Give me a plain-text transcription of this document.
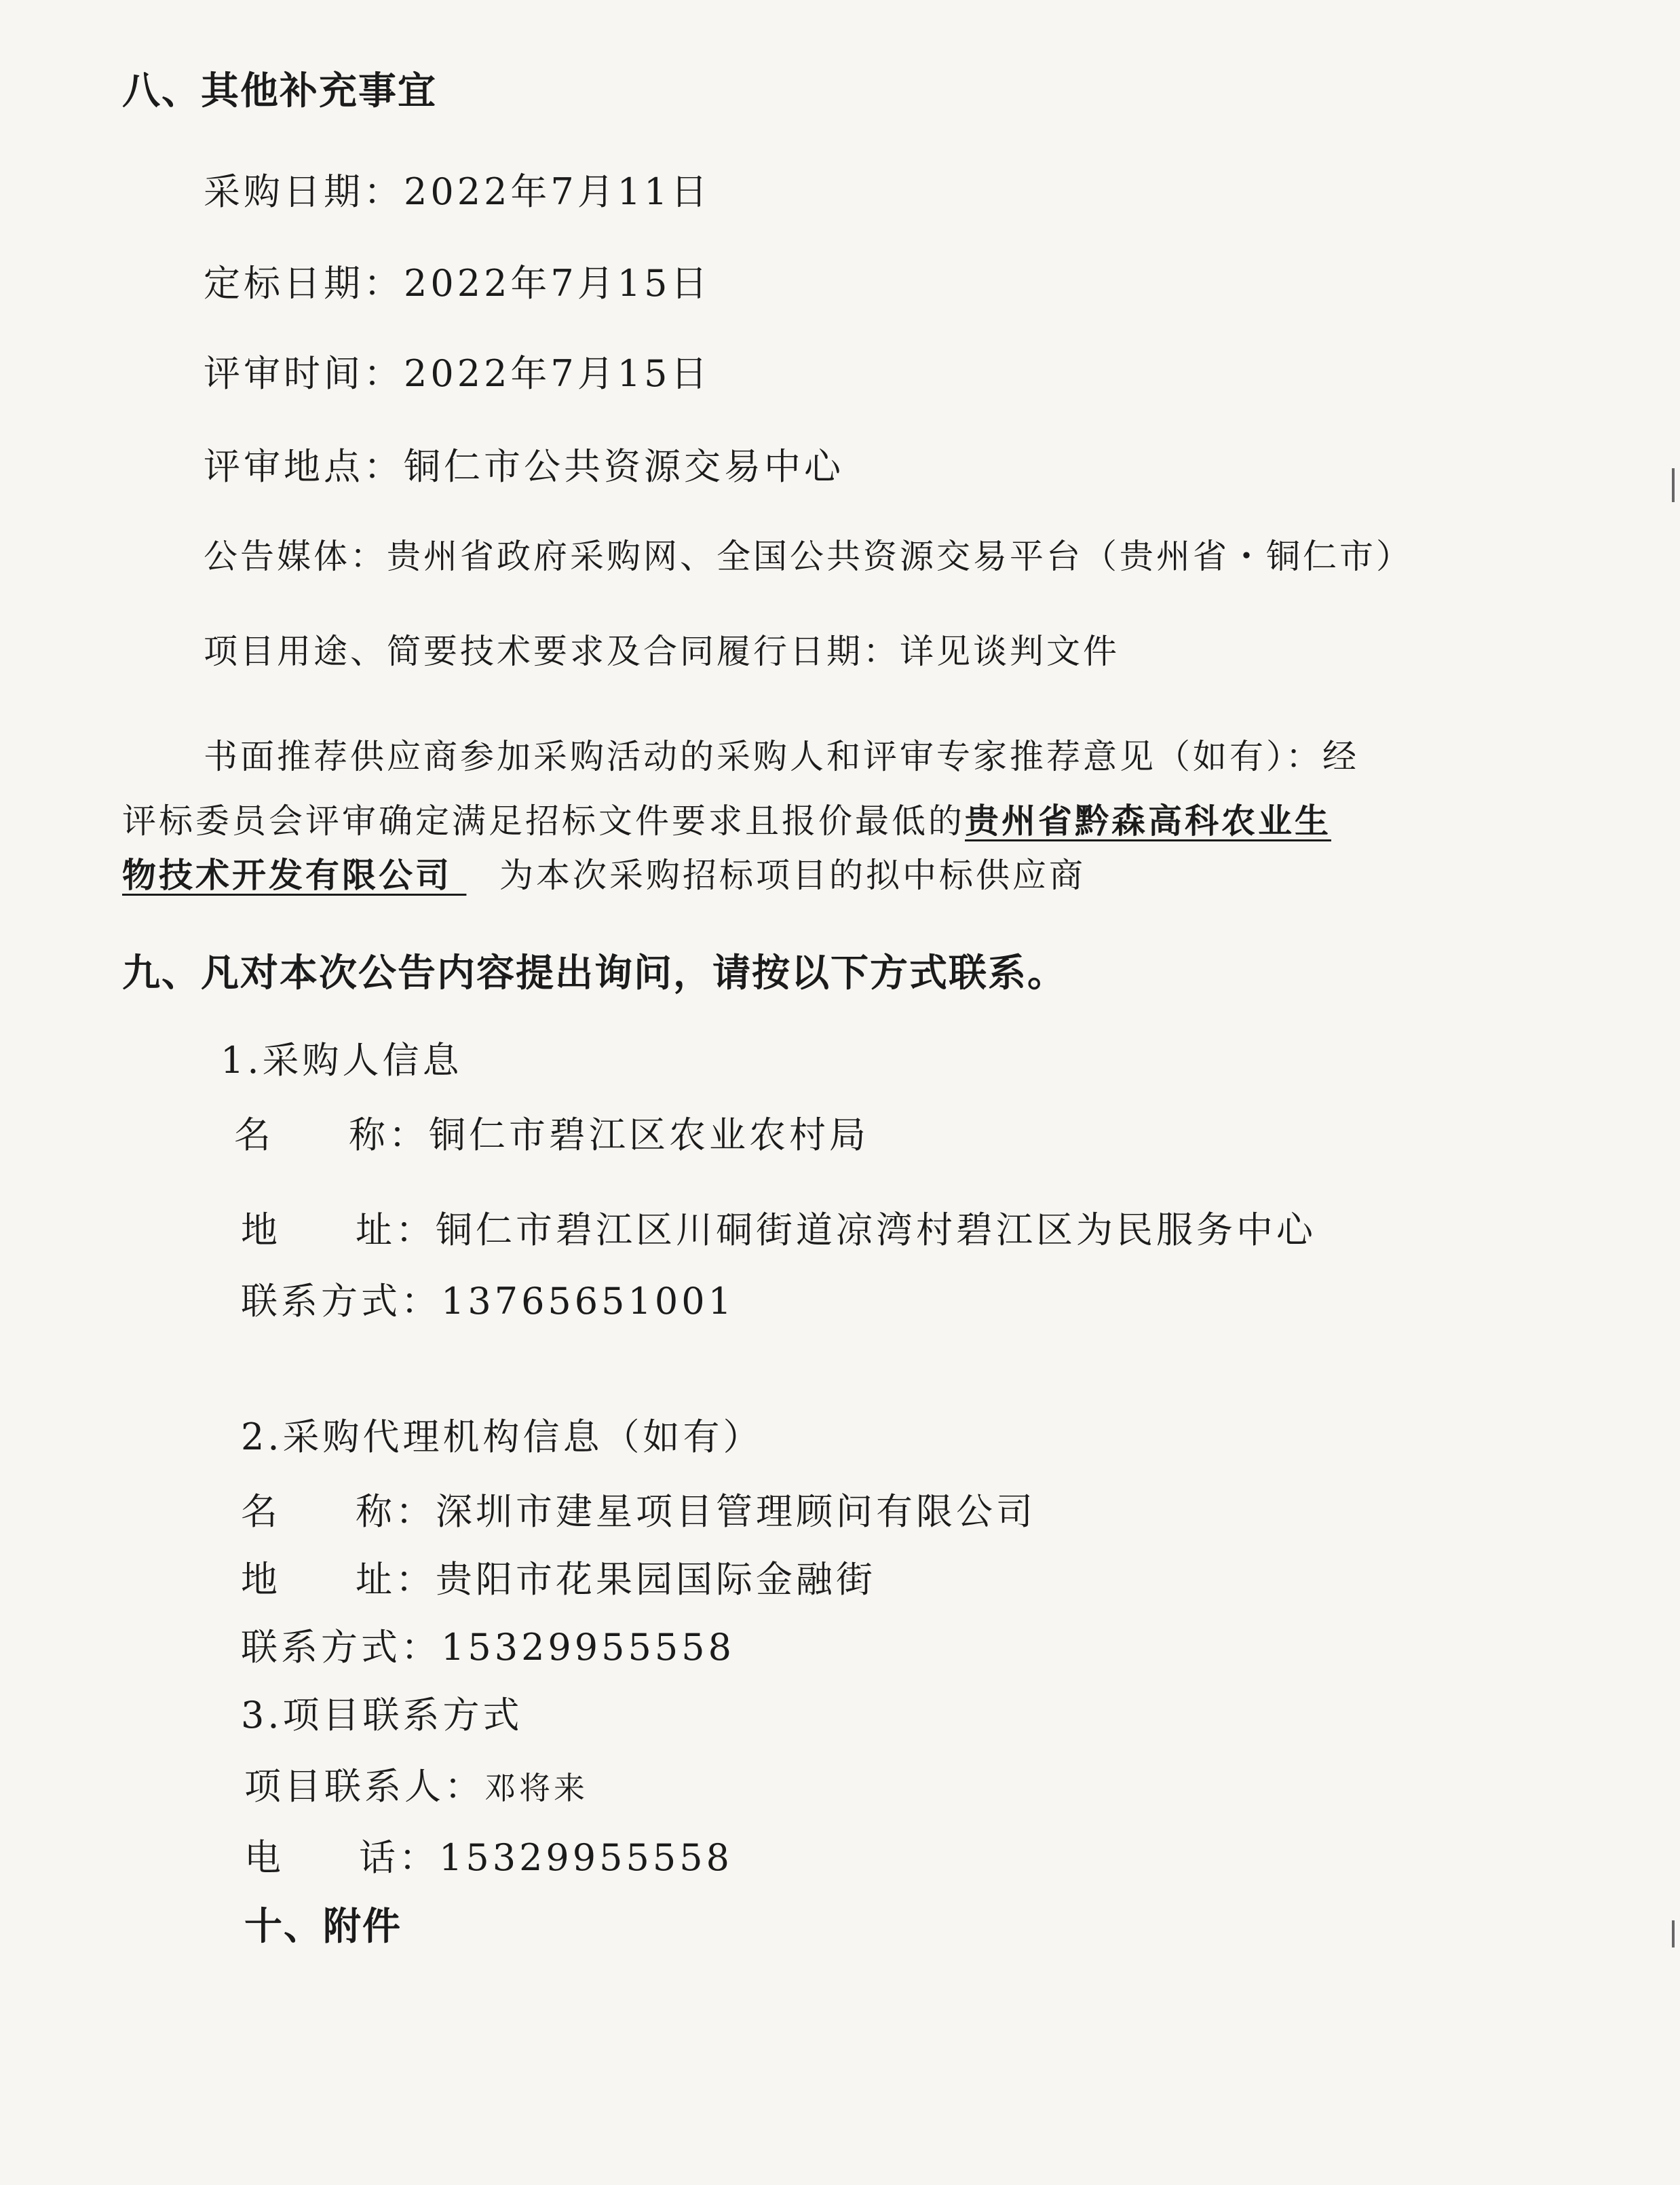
八、其他补充事宜
采购日期：2022年7月11日
定标日期：2022年7月15日
评审时间：2022年7月15日
评审地点：铜仁市公共资源交易中心
公告媒体：贵州省政府采购网、全国公共资源交易平台（贵州省・铜仁市）
项目用途、简要技术要求及合同履行日期：详见谈判文件
书面推荐供应商参加采购活动的采购人和评审专家推荐意见（如有）：经
评标委员会评审确定满足招标文件要求且报价最低的贵州省黔森高科农业生
物技术开发有限公司 为本次采购招标项目的拟中标供应商
九、凡对本次公告内容提出询问，请按以下方式联系。
1.采购人信息
名 称：铜仁市碧江区农业农村局
地 址：铜仁市碧江区川硐街道凉湾村碧江区为民服务中心
联系方式：13765651001
2.采购代理机构信息（如有）
名 称：深圳市建星项目管理顾问有限公司
地 址：贵阳市花果园国际金融街
联系方式：15329955558
3.项目联系方式
项目联系人：邓将来
电 话：15329955558
十、附件
